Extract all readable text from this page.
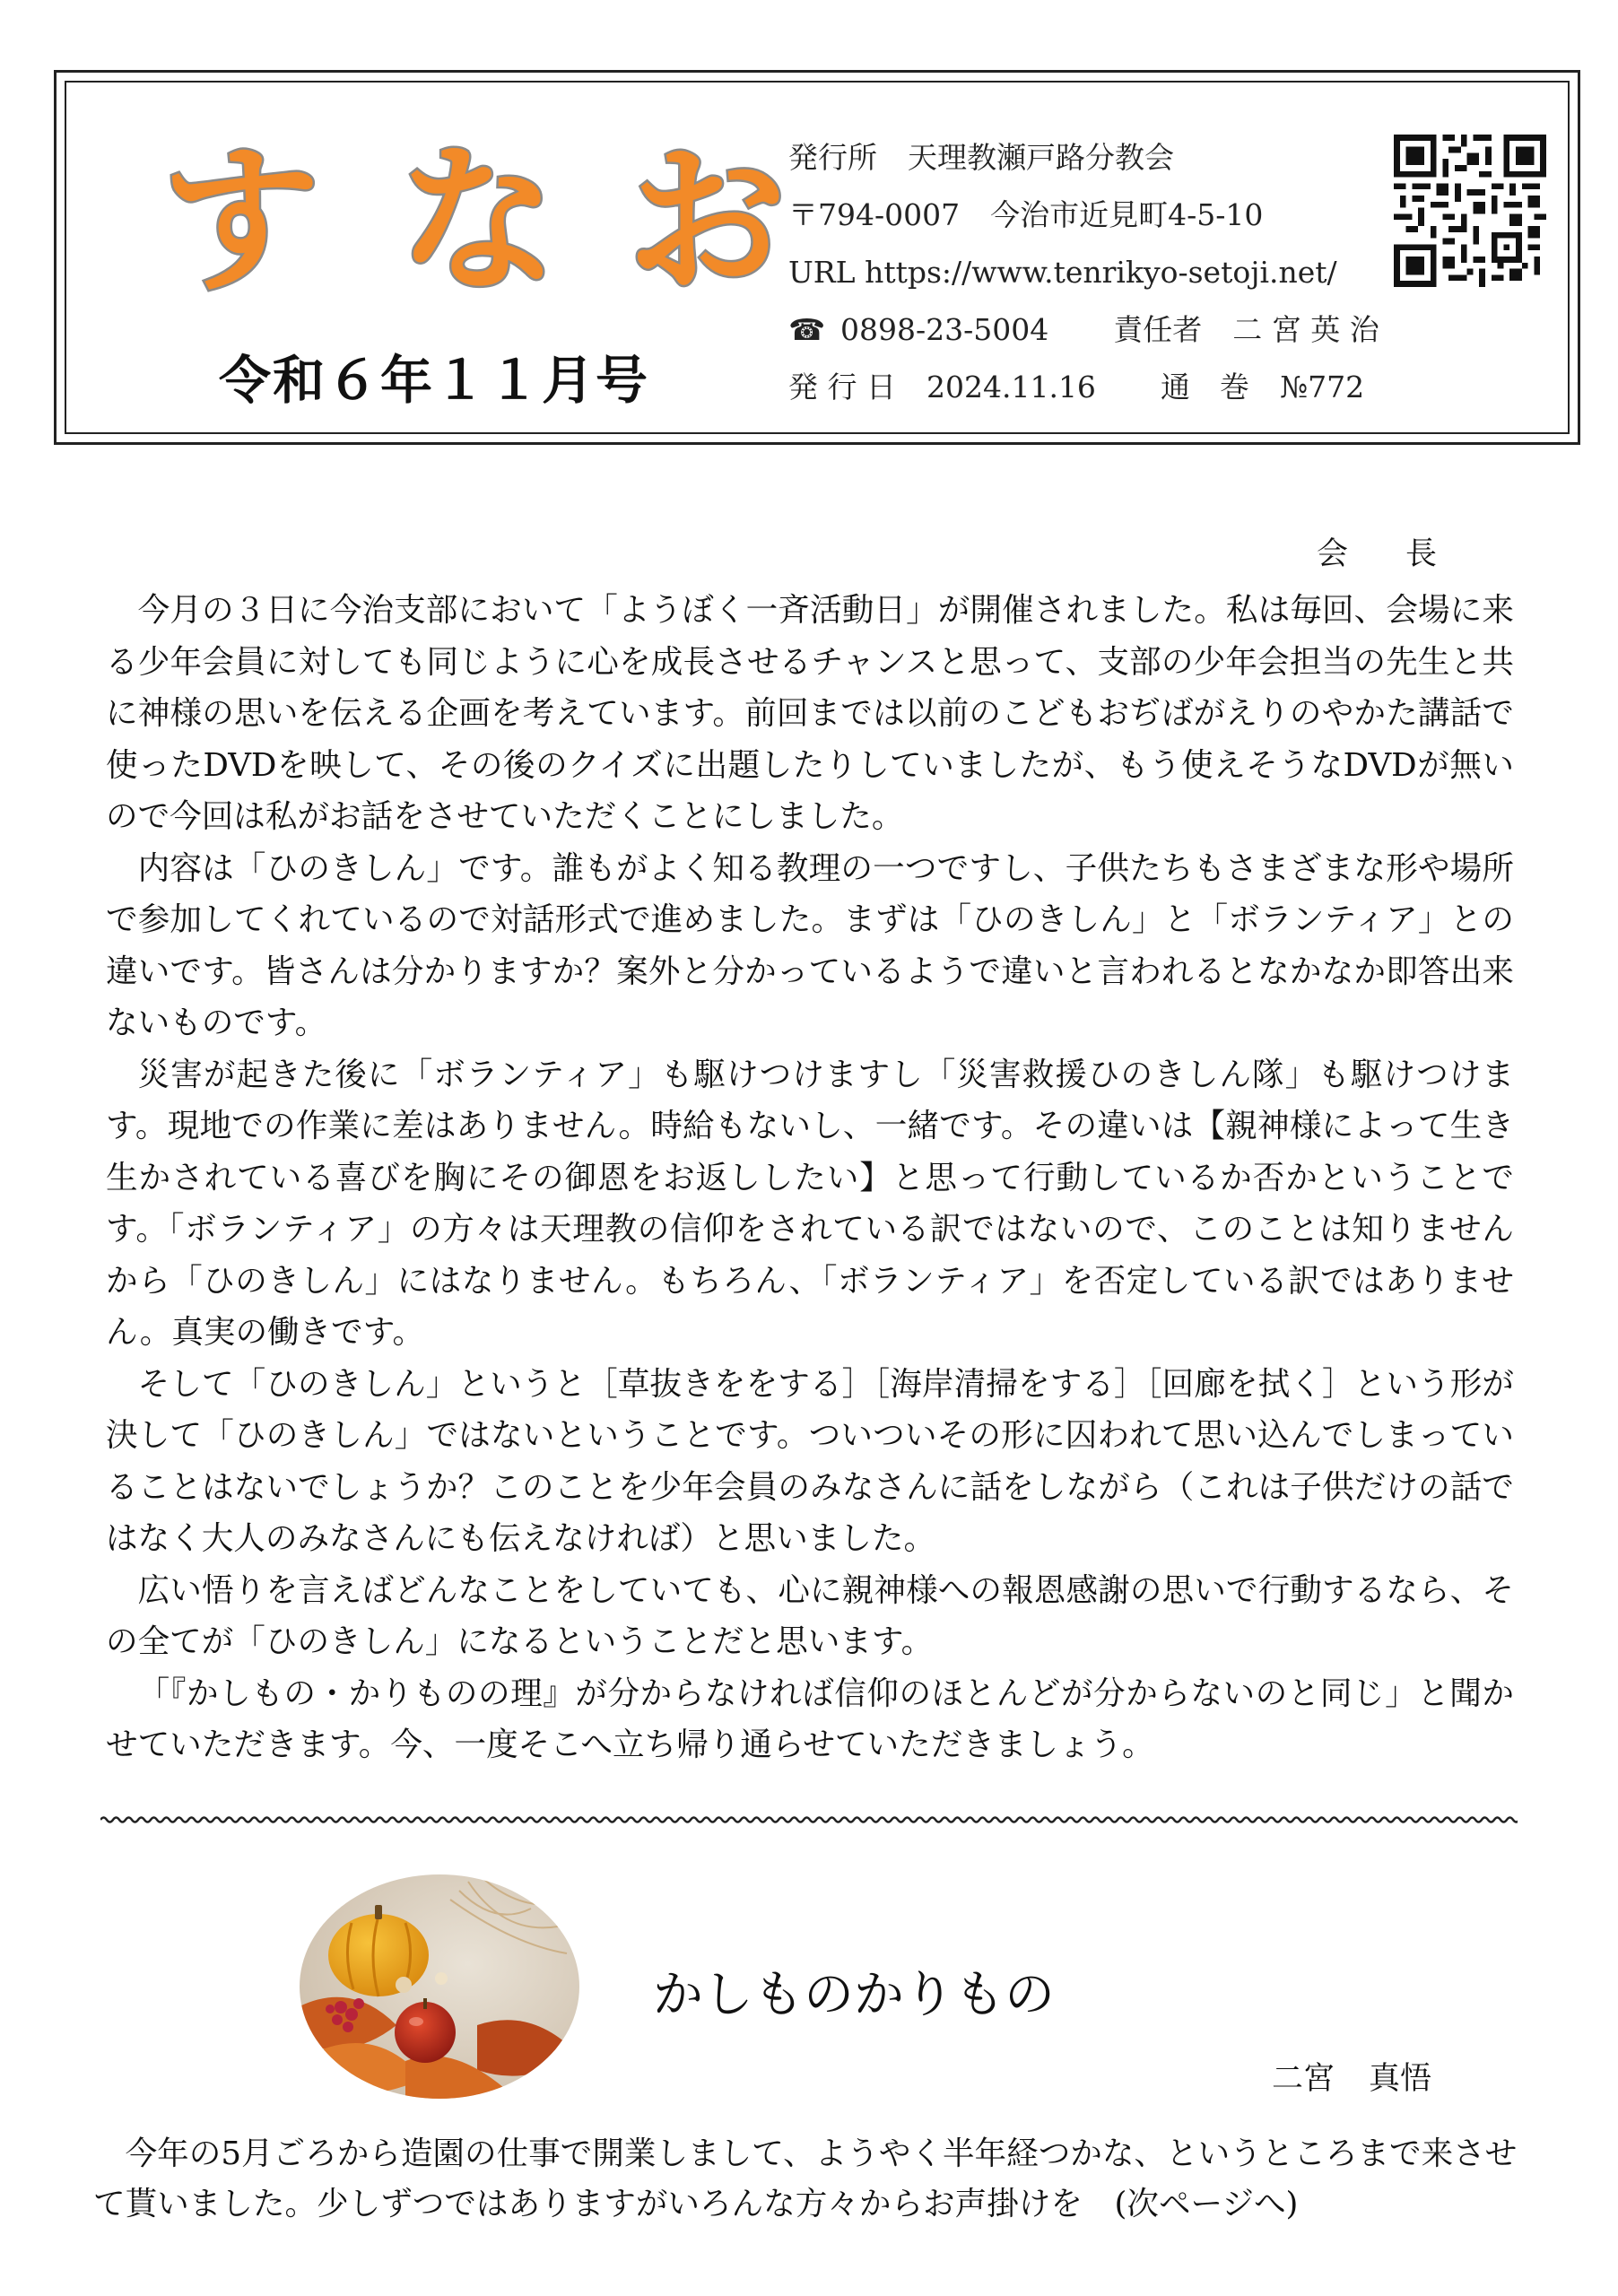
す な お
令和６年１１月号
発行所 天理教瀬戸路分教会
〒794-0007 今治市近見町4-5-10
URL https://www.tenrikyo-setoji.net/
☎ 0898-23-5004 責任者 二 宮 英 治
発 行 日 2024.11.16 通　巻 №772
会長

今月の３日に今治支部において「ようぼく一斉活動日」が開催されました。私は毎回、会場に来る少年会員に対しても同じように心を成長させるチャンスと思って、支部の少年会担当の先生と共に神様の思いを伝える企画を考えています。前回までは以前のこどもおぢばがえりのやかた講話で使ったDVDを映して、その後のクイズに出題したりしていましたが、もう使えそうなDVDが無いので今回は私がお話をさせていただくことにしました。

内容は「ひのきしん」です。誰もがよく知る教理の一つですし、子供たちもさまざまな形や場所で参加してくれているので対話形式で進めました。まずは「ひのきしん」と「ボランティア」との違いです。皆さんは分かりますか？案外と分かっているようで違いと言われるとなかなか即答出来ないものです。

災害が起きた後に「ボランティア」も駆けつけますし「災害救援ひのきしん隊」も駆けつけます。現地での作業に差はありません。時給もないし、一緒です。その違いは【親神様によって生き生かされている喜びを胸にその御恩をお返ししたい】と思って行動しているか否かということです。「ボランティア」の方々は天理教の信仰をされている訳ではないので、このことは知りませんから「ひのきしん」にはなりません。もちろん、「ボランティア」を否定している訳ではありません。真実の働きです。

そして「ひのきしん」というと［草抜きををする］［海岸清掃をする］［回廊を拭く］という形が決して「ひのきしん」ではないということです。ついついその形に囚われて思い込んでしまっていることはないでしょうか？このことを少年会員のみなさんに話をしながら（これは子供だけの話ではなく大人のみなさんにも伝えなければ）と思いました。

広い悟りを言えばどんなことをしていても、心に親神様への報恩感謝の思いで行動するなら、その全てが「ひのきしん」になるということだと思います。

「『かしもの・かりものの理』が分からなければ信仰のほとんどが分からないのと同じ」と聞かせていただきます。今、一度そこへ立ち帰り通らせていただきましょう。

かしものかりもの
二宮 真悟

今年の5月ごろから造園の仕事で開業しまして、ようやく半年経つかな、というところまで来させて貰いました。少しずつではありますがいろんな方々からお声掛けを　(次ページへ)
